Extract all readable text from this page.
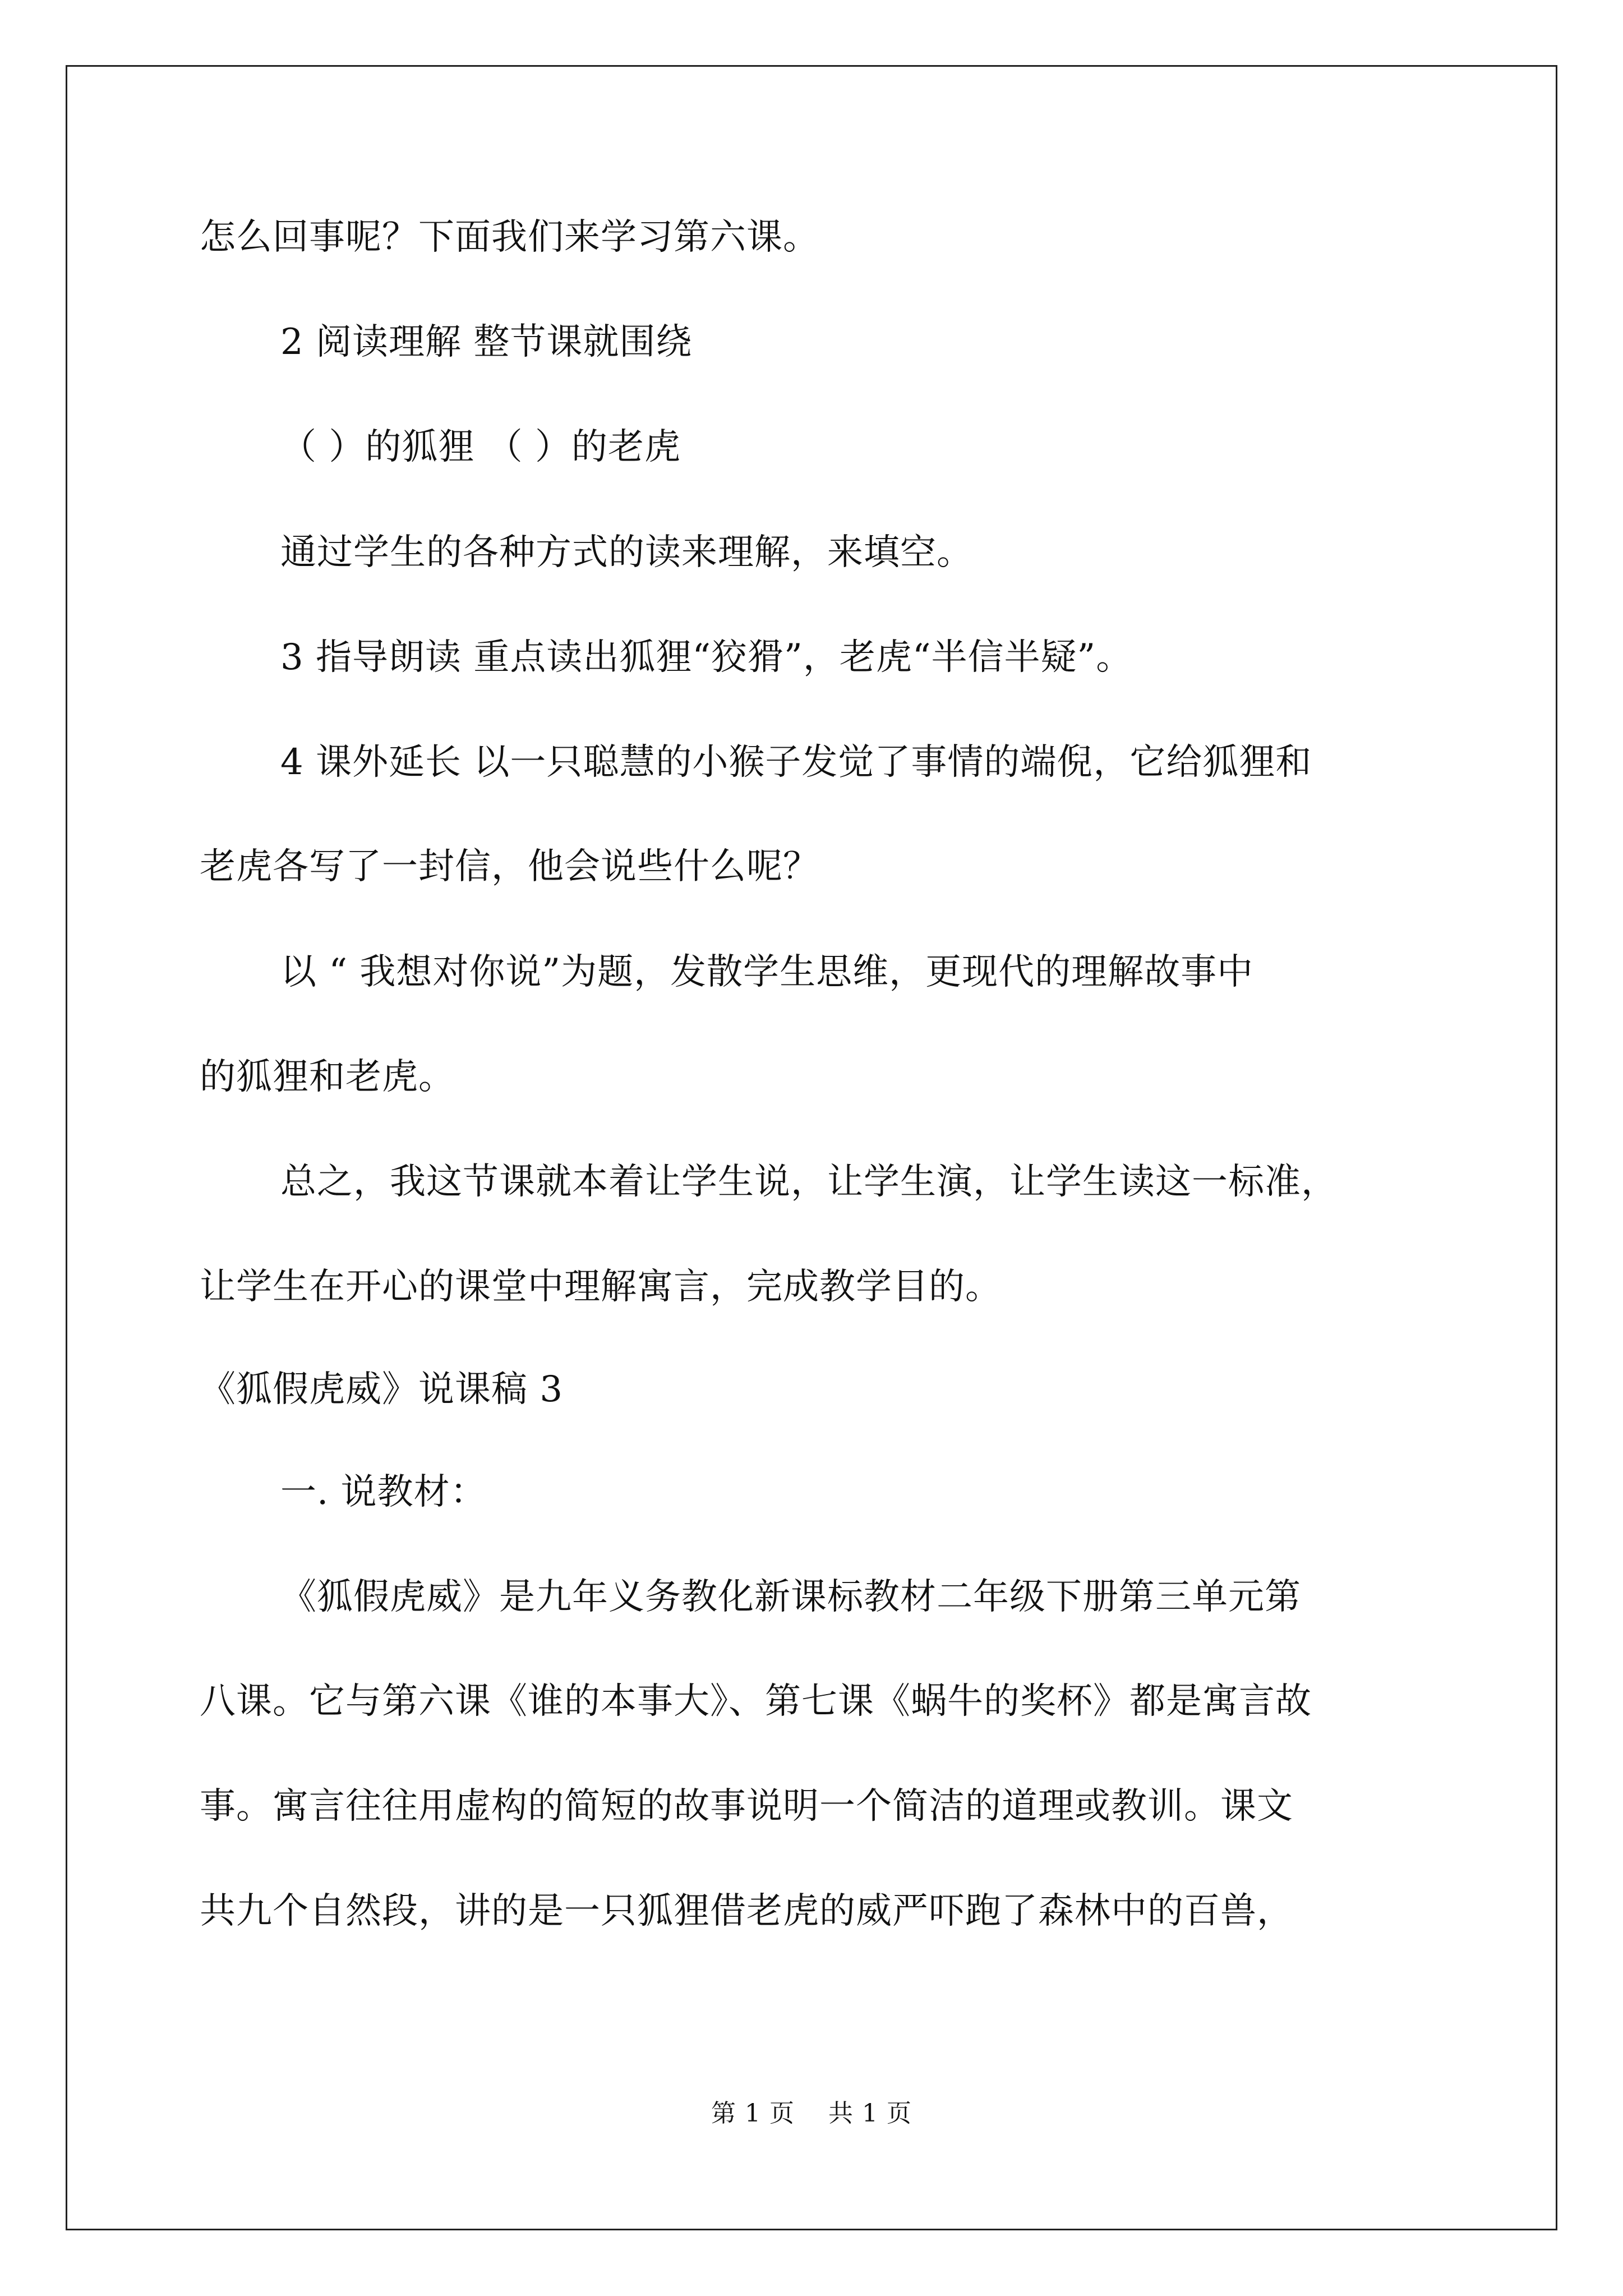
怎么回事呢？下面我们来学习第六课。

2 阅读理解 整节课就围绕

（ ）的狐狸 （ ）的老虎

通过学生的各种方式的读来理解，来填空。

3 指导朗读 重点读出狐狸“狡猾”，老虎“半信半疑”。

4 课外延长 以一只聪慧的小猴子发觉了事情的端倪，它给狐狸和

老虎各写了一封信，他会说些什么呢？

以 “ 我想对你说”为题，发散学生思维，更现代的理解故事中

的狐狸和老虎。

总之，我这节课就本着让学生说，让学生演，让学生读这一标准，

让学生在开心的课堂中理解寓言，完成教学目的。

《狐假虎威》说课稿 3

一. 说教材：

《狐假虎威》是九年义务教化新课标教材二年级下册第三单元第

八课。它与第六课《谁的本事大》、第七课《蜗牛的奖杯》都是寓言故

事。寓言往往用虚构的简短的故事说明一个简洁的道理或教训。课文

共九个自然段，讲的是一只狐狸借老虎的威严吓跑了森林中的百兽，

第 1 页　 共 1 页
